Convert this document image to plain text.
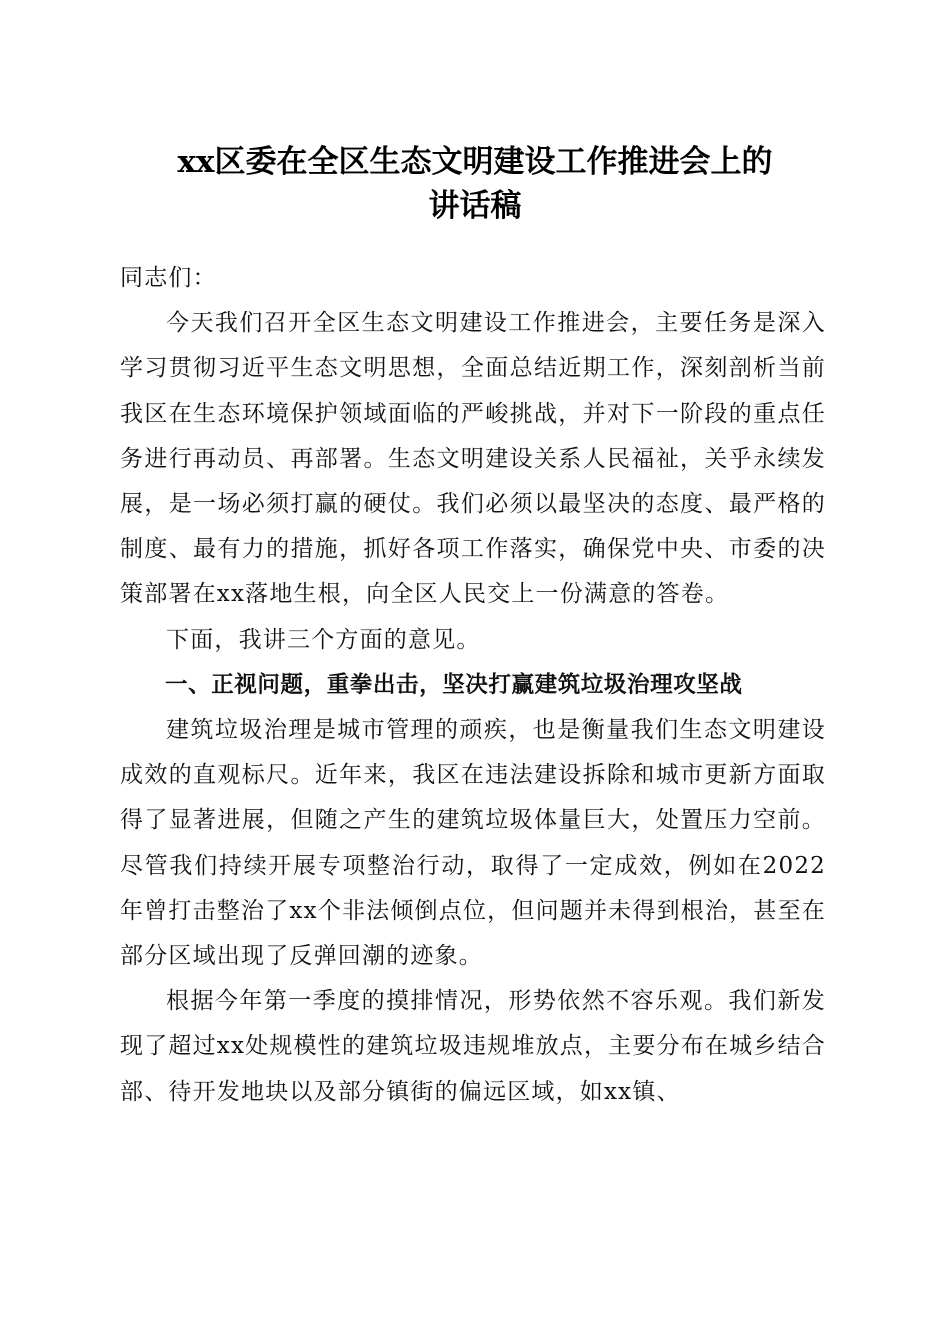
xx区委在全区生态文明建设工作推进会上的
讲话稿

同志们：

今天我们召开全区生态文明建设工作推进会，主要任务是深入学习贯彻习近平生态文明思想，全面总结近期工作，深刻剖析当前我区在生态环境保护领域面临的严峻挑战，并对下一阶段的重点任务进行再动员、再部署。生态文明建设关系人民福祉，关乎永续发展，是一场必须打赢的硬仗。我们必须以最坚决的态度、最严格的制度、最有力的措施，抓好各项工作落实，确保党中央、市委的决策部署在xx落地生根，向全区人民交上一份满意的答卷。

下面，我讲三个方面的意见。

一、正视问题，重拳出击，坚决打赢建筑垃圾治理攻坚战

建筑垃圾治理是城市管理的顽疾，也是衡量我们生态文明建设成效的直观标尺。近年来，我区在违法建设拆除和城市更新方面取得了显著进展，但随之产生的建筑垃圾体量巨大，处置压力空前。尽管我们持续开展专项整治行动，取得了一定成效，例如在2022年曾打击整治了xx个非法倾倒点位，但问题并未得到根治，甚至在部分区域出现了反弹回潮的迹象。

根据今年第一季度的摸排情况，形势依然不容乐观。我们新发现了超过xx处规模性的建筑垃圾违规堆放点，主要分布在城乡结合部、待开发地块以及部分镇街的偏远区域，如xx镇、
